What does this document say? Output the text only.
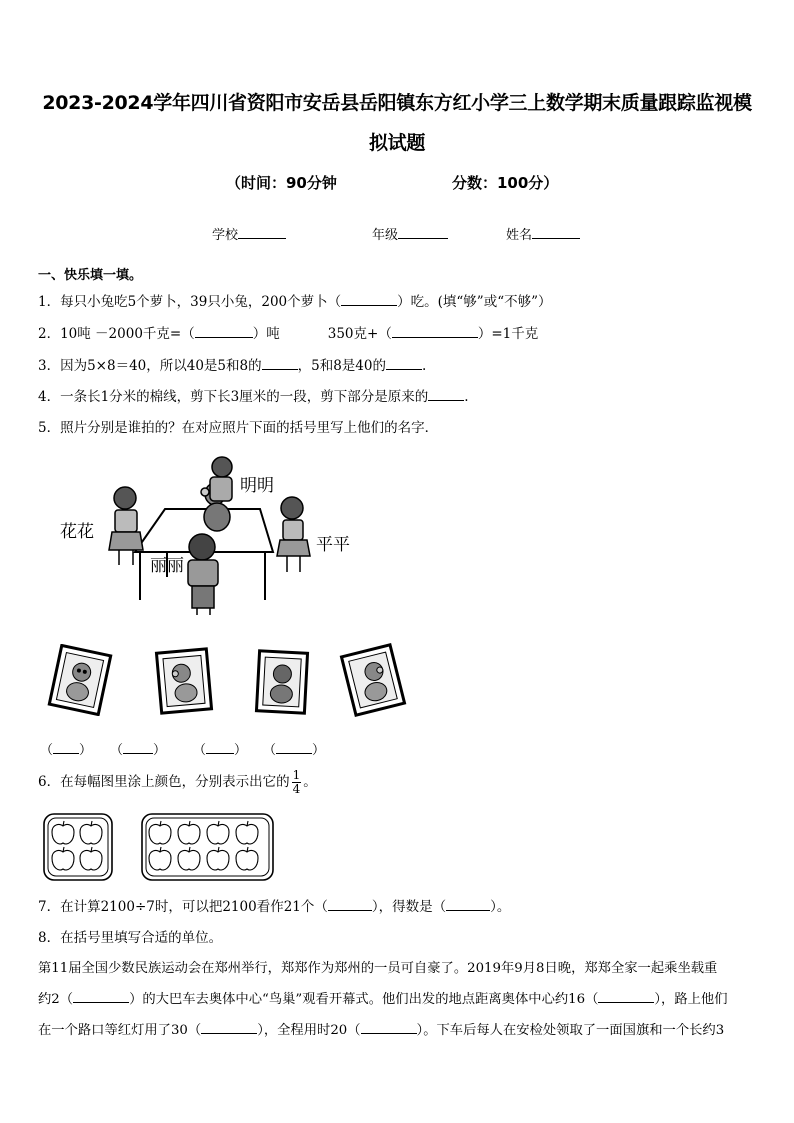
2023-2024学年四川省资阳市安岳县岳阳镇东方红小学三上数学期末质量跟踪监视模
拟试题
（时间：90分钟	分数：100分）
学校	年级	姓名
一、快乐填一填。
1．每只小兔吃5个萝卜，39只小兔，200个萝卜（	）吃。(填“够”或“不够”）
2．10吨 －2000千克=（	）吨	350克+（	）=1千克
3．因为5×8＝40，所以40是5和8的	，5和8是40的	.
4．一条长1分米的棉线，剪下长3厘米的一段，剪下部分是原来的	.
5．照片分别是谁拍的？在对应照片下面的括号里写上他们的名字．
花花
明明
平平
丽丽
（ ） （ ） （ ） （	）
6．在每幅图里涂上颜色，分别表示出它的 $\frac{1}{4}$ 。
7．在计算2100÷7时，可以把2100看作21个（	），得数是（	）。
8．在括号里填写合适的单位。
第11届全国少数民族运动会在郑州举行，郑郑作为郑州的一员可自豪了。2019年9月8日晚，郑郑全家一起乘坐载重
约2（	）的大巴车去奥体中心“鸟巢”观看开幕式。他们出发的地点距离奥体中心约16（	），路上他们
在一个路口等红灯用了30（	），全程用时20（	）。下车后每人在安检处领取了一面国旗和一个长约3
